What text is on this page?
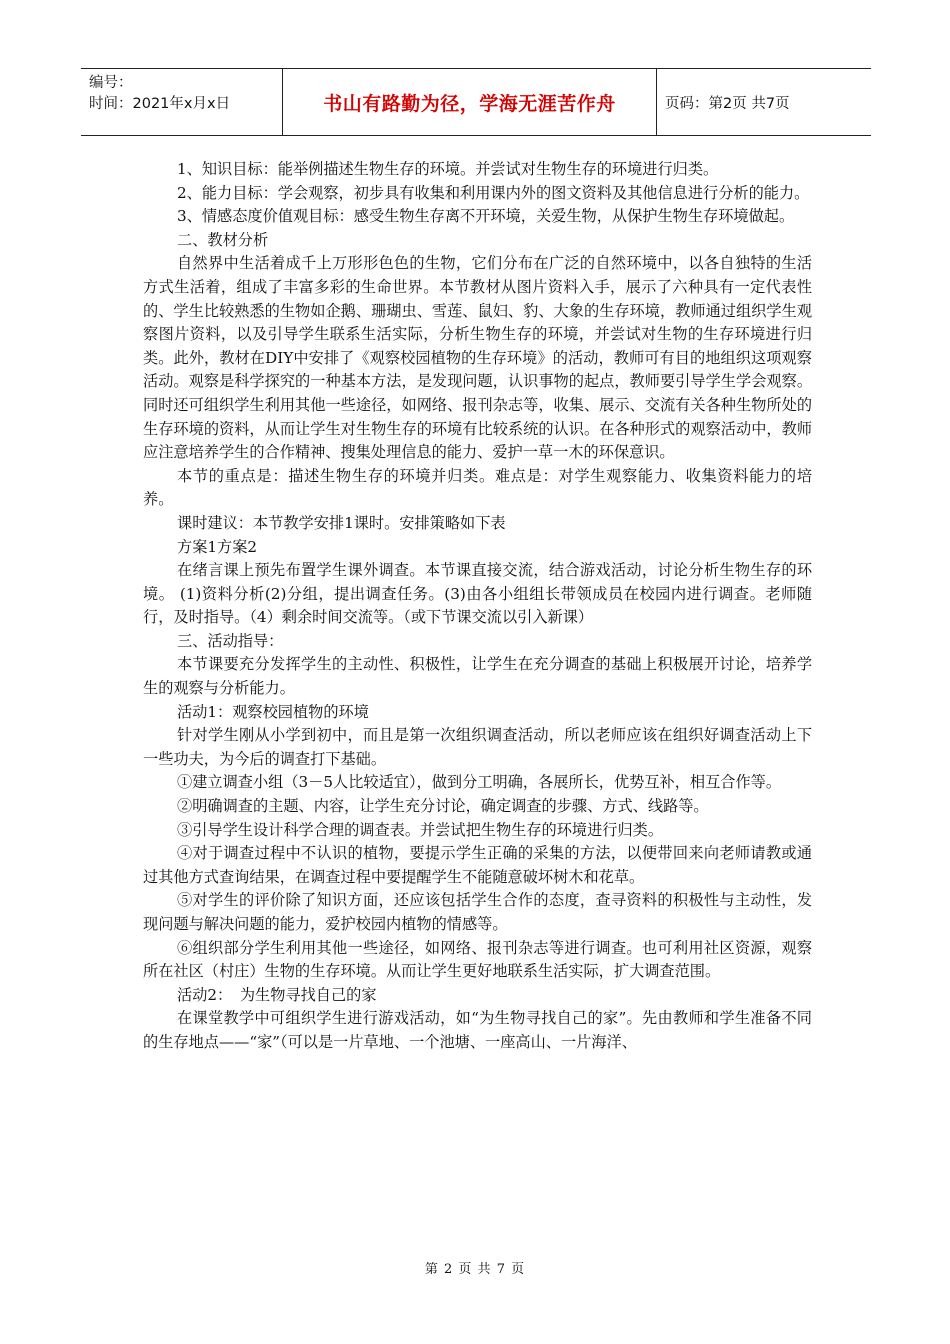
编号：
时间：2021年x月x日	书山有路勤为径，学海无涯苦作舟	页码：第2页 共7页

1、知识目标：能举例描述生物生存的环境。并尝试对生物生存的环境进行归类。

2、能力目标：学会观察，初步具有收集和利用课内外的图文资料及其他信息进行分析的能力。

3、情感态度价值观目标：感受生物生存离不开环境，关爱生物，从保护生物生存环境做起。

二、教材分析

自然界中生活着成千上万形形色色的生物，它们分布在广泛的自然环境中，以各自独特的生活方式生活着，组成了丰富多彩的生命世界。本节教材从图片资料入手，展示了六种具有一定代表性的、学生比较熟悉的生物如企鹅、珊瑚虫、雪莲、鼠妇、豹、大象的生存环境，教师通过组织学生观察图片资料，以及引导学生联系生活实际，分析生物生存的环境，并尝试对生物的生存环境进行归类。此外，教材在DIY中安排了《观察校园植物的生存环境》的活动，教师可有目的地组织这项观察活动。观察是科学探究的一种基本方法，是发现问题，认识事物的起点，教师要引导学生学会观察。同时还可组织学生利用其他一些途径，如网络、报刊杂志等，收集、展示、交流有关各种生物所处的生存环境的资料，从而让学生对生物生存的环境有比较系统的认识。在各种形式的观察活动中，教师应注意培养学生的合作精神、搜集处理信息的能力、爱护一草一木的环保意识。

本节的重点是：描述生物生存的环境并归类。难点是：对学生观察能力、收集资料能力的培养。

课时建议：本节教学安排1课时。安排策略如下表

方案1方案2

在绪言课上预先布置学生课外调查。本节课直接交流，结合游戏活动，讨论分析生物生存的环境。 (1)资料分析(2)分组，提出调查任务。(3)由各小组组长带领成员在校园内进行调查。老师随行，及时指导。（4）剩余时间交流等。（或下节课交流以引入新课）

三、活动指导：

本节课要充分发挥学生的主动性、积极性，让学生在充分调查的基础上积极展开讨论，培养学生的观察与分析能力。

活动1：观察校园植物的环境

针对学生刚从小学到初中，而且是第一次组织调查活动，所以老师应该在组织好调查活动上下一些功夫，为今后的调查打下基础。

①建立调查小组（3－5人比较适宜），做到分工明确，各展所长，优势互补，相互合作等。

②明确调查的主题、内容，让学生充分讨论，确定调查的步骤、方式、线路等。

③引导学生设计科学合理的调查表。并尝试把生物生存的环境进行归类。

④对于调查过程中不认识的植物，要提示学生正确的采集的方法，以便带回来向老师请教或通过其他方式查询结果，在调查过程中要提醒学生不能随意破坏树木和花草。

⑤对学生的评价除了知识方面，还应该包括学生合作的态度，查寻资料的积极性与主动性，发现问题与解决问题的能力，爱护校园内植物的情感等。

⑥组织部分学生利用其他一些途径，如网络、报刊杂志等进行调查。也可利用社区资源，观察所在社区（村庄）生物的生存环境。从而让学生更好地联系生活实际，扩大调查范围。

活动2：　为生物寻找自己的家

在课堂教学中可组织学生进行游戏活动，如“为生物寻找自己的家”。先由教师和学生准备不同的生存地点——“家”（可以是一片草地、一个池塘、一座高山、一片海洋、

第 2 页 共 7 页
